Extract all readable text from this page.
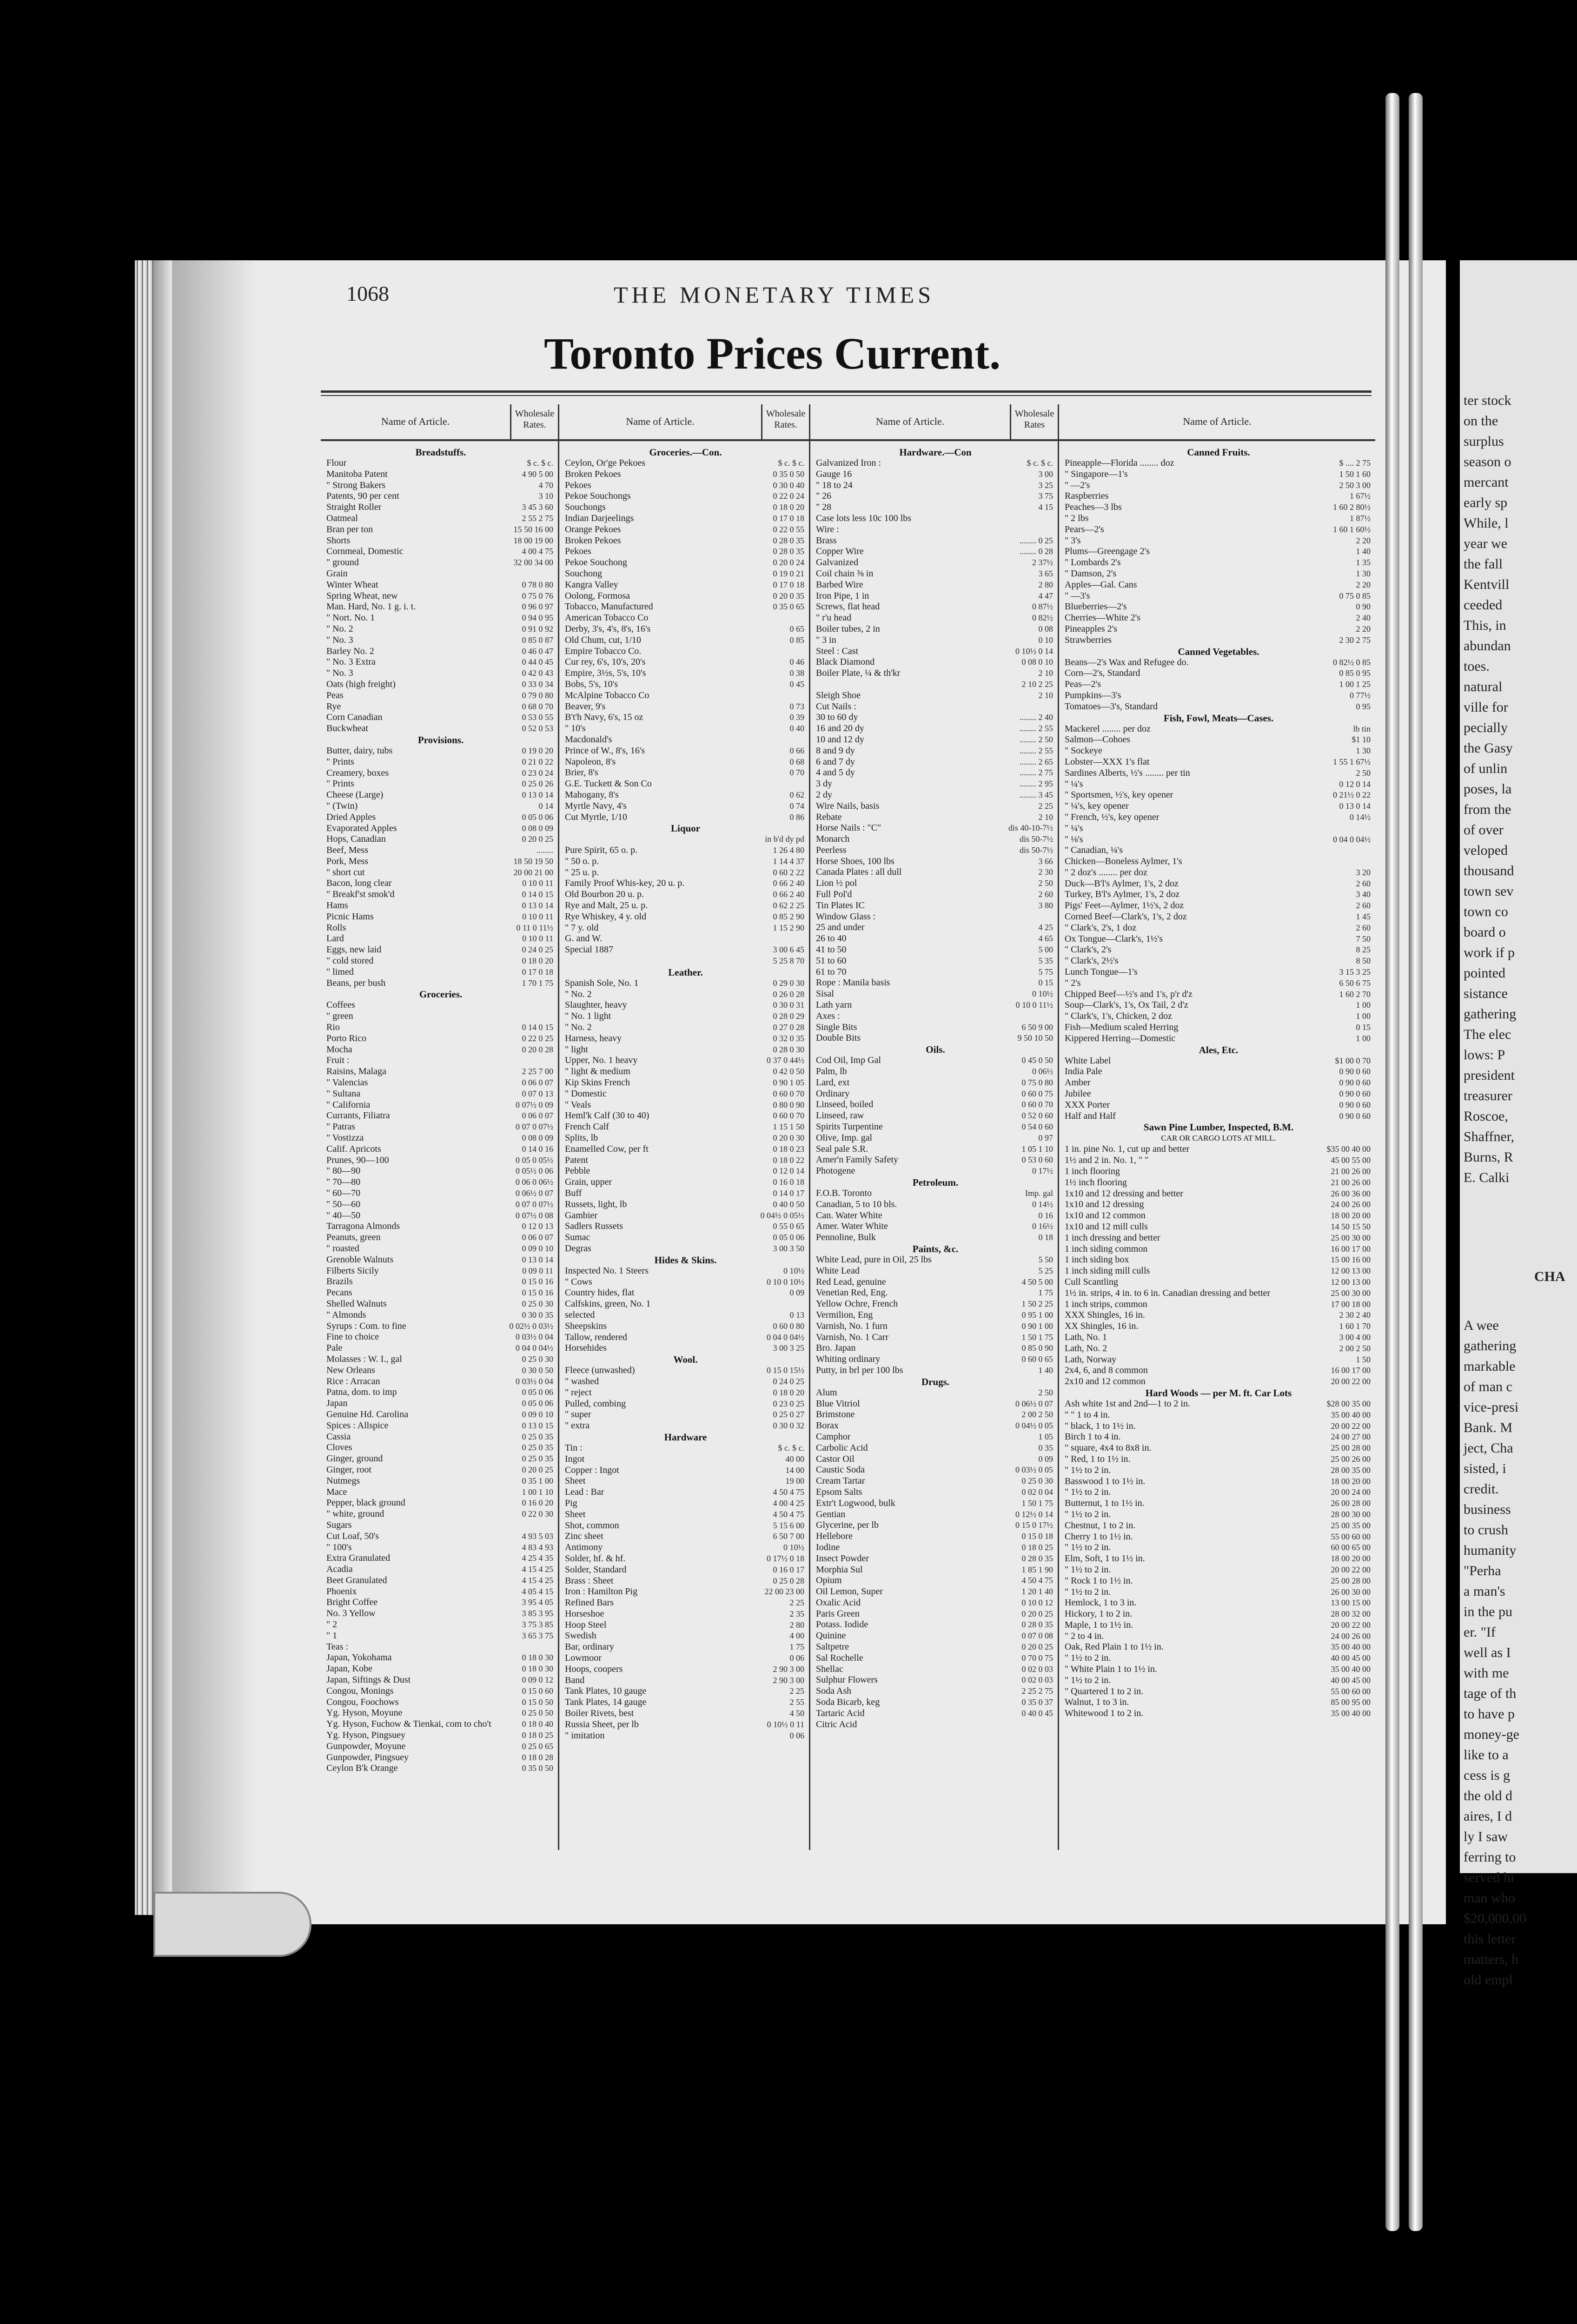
1068	THE MONETARY TIMES
Toronto Prices Current.
Name of Article.
Wholesale Rates.
Breadstuffs.
Flour	$ c. $ c.
Manitoba Patent	4 90 5 00
" Strong Bakers	4 70
Patents, 90 per cent	3 10
Straight Roller	3 45 3 60
Oatmeal	2 55 2 75
Bran per ton	15 50 16 00
Shorts	18 00 19 00
Cornmeal, Domestic	4 00 4 75
" ground	32 00 34 00
Grain
Winter Wheat	0 78 0 80
Spring Wheat, new	0 75 0 76
Man. Hard, No. 1 g. i. t.	0 96 0 97
" Nort. No. 1	0 94 0 95
" No. 2	0 91 0 92
" No. 3	0 85 0 87
Barley No. 2	0 46 0 47
" No. 3 Extra	0 44 0 45
" No. 3	0 42 0 43
Oats (high freight)	0 33 0 34
Peas	0 79 0 80
Rye	0 68 0 70
Corn Canadian	0 53 0 55
Buckwheat	0 52 0 53
Provisions.
Butter, dairy, tubs	0 19 0 20
" Prints	0 21 0 22
Creamery, boxes	0 23 0 24
" Prints	0 25 0 26
Cheese (Large)	0 13 0 14
" (Twin)	0 14
Dried Apples	0 05 0 06
Evaporated Apples	0 08 0 09
Hops, Canadian	0 20 0 25
Beef, Mess	........
Pork, Mess	18 50 19 50
" short cut	20 00 21 00
Bacon, long clear	0 10 0 11
" Breakf'st smok'd	0 14 0 15
Hams	0 13 0 14
Picnic Hams	0 10 0 11
Rolls	0 11 0 11½
Lard	0 10 0 11
Eggs, new laid	0 24 0 25
" cold stored	0 18 0 20
" limed	0 17 0 18
Beans, per bush	1 70 1 75
Groceries.
Coffees
" green
Rio	0 14 0 15
Porto Rico	0 22 0 25
Mocha	0 20 0 28
Fruit :
Raisins, Malaga	2 25 7 00
" Valencias	0 06 0 07
" Sultana	0 07 0 13
" California	0 07½ 0 09
Currants, Filiatra	0 06 0 07
" Patras	0 07 0 07½
" Vostizza	0 08 0 09
Calif. Apricots	0 14 0 16
Prunes, 90—100	0 05 0 05½
" 80—90	0 05½ 0 06
" 70—80	0 06 0 06½
" 60—70	0 06½ 0 07
" 50—60	0 07 0 07½
" 40—50	0 07½ 0 08
Tarragona Almonds	0 12 0 13
Peanuts, green	0 06 0 07
" roasted	0 09 0 10
Grenoble Walnuts	0 13 0 14
Filberts Sicily	0 09 0 11
Brazils	0 15 0 16
Pecans	0 15 0 16
Shelled Walnuts	0 25 0 30
" Almonds	0 30 0 35
Syrups : Com. to fine	0 02½ 0 03½
Fine to choice	0 03½ 0 04
Pale	0 04 0 04½
Molasses : W. I., gal	0 25 0 30
New Orleans	0 30 0 50
Rice : Arracan	0 03½ 0 04
Patna, dom. to imp	0 05 0 06
Japan	0 05 0 06
Genuine Hd. Carolina	0 09 0 10
Spices : Allspice	0 13 0 15
Cassia	0 25 0 35
Cloves	0 25 0 35
Ginger, ground	0 25 0 35
Ginger, root	0 20 0 25
Nutmegs	0 35 1 00
Mace	1 00 1 10
Pepper, black ground	0 16 0 20
" white, ground	0 22 0 30
Sugars
Cut Loaf, 50's	4 93 5 03
" 100's	4 83 4 93
Extra Granulated	4 25 4 35
Acadia	4 15 4 25
Beet Granulated	4 15 4 25
Phoenix	4 05 4 15
Bright Coffee	3 95 4 05
No. 3 Yellow	3 85 3 95
" 2	3 75 3 85
" 1	3 65 3 75
Teas :
Japan, Yokohama	0 18 0 30
Japan, Kobe	0 18 0 30
Japan, Siftings & Dust	0 09 0 12
Congou, Monings	0 15 0 60
Congou, Foochows	0 15 0 50
Yg. Hyson, Moyune	0 25 0 50
Yg. Hyson, Fuchow & Tienkai, com to cho't	0 18 0 40
Yg. Hyson, Pingsuey	0 18 0 25
Gunpowder, Moyune	0 25 0 65
Gunpowder, Pingsuey	0 18 0 28
Ceylon B'k Orange	0 35 0 50
Name of Article.
Wholesale Rates.
Groceries.—Con.
Ceylon, Or'ge Pekoes	$ c. $ c.
Broken Pekoes	0 35 0 50
Pekoes	0 30 0 40
Pekoe Souchongs	0 22 0 24
Souchongs	0 18 0 20
Indian Darjeelings	0 17 0 18
Orange Pekoes	0 22 0 55
Broken Pekoes	0 28 0 35
Pekoes	0 28 0 35
Pekoe Souchong	0 20 0 24
Souchong	0 19 0 21
Kangra Valley	0 17 0 18
Oolong, Formosa	0 20 0 35
Tobacco, Manufactured	0 35 0 65
American Tobacco Co
Derby, 3's, 4's, 8's, 16's	0 65
Old Chum, cut, 1/10	0 85
Empire Tobacco Co.
Cur rey, 6's, 10's, 20's	0 46
Empire, 3½s, 5's, 10's	0 38
Bobs, 5's, 10's	0 45
McAlpine Tobacco Co
Beaver, 9's	0 73
B't'h Navy, 6's, 15 oz	0 39
" 10's	0 40
Macdonald's
Prince of W., 8's, 16's	0 66
Napoleon, 8's	0 68
Brier, 8's	0 70
G.E. Tuckett & Son Co
Mahogany, 8's	0 62
Myrtle Navy, 4's	0 74
Cut Myrtle, 1/10	0 86
Liquor
in b'd dy pd
Pure Spirit, 65 o. p.	1 26 4 80
" 50 o. p.	1 14 4 37
" 25 u. p.	0 60 2 22
Family Proof Whis-key, 20 u. p.	0 66 2 40
Old Bourbon 20 u. p.	0 66 2 40
Rye and Malt, 25 u. p.	0 62 2 25
Rye Whiskey, 4 y. old	0 85 2 90
" 7 y. old	1 15 2 90
G. and W.
Special 1887	3 00 6 45
5 25 8 70
Leather.
Spanish Sole, No. 1	0 29 0 30
" No. 2	0 26 0 28
Slaughter, heavy	0 30 0 31
" No. 1 light	0 28 0 29
" No. 2	0 27 0 28
Harness, heavy	0 32 0 35
" light	0 28 0 30
Upper, No. 1 heavy	0 37 0 44½
" light & medium	0 42 0 50
Kip Skins French	0 90 1 05
" Domestic	0 60 0 70
" Veals	0 80 0 90
Heml'k Calf (30 to 40)	0 60 0 70
French Calf	1 15 1 50
Splits, lb	0 20 0 30
Enamelled Cow, per ft	0 18 0 23
Patent	0 18 0 22
Pebble	0 12 0 14
Grain, upper	0 16 0 18
Buff	0 14 0 17
Russets, light, lb	0 40 0 50
Gambier	0 04½ 0 05½
Sadlers Russets	0 55 0 65
Sumac	0 05 0 06
Degras	3 00 3 50
Hides & Skins.
Inspected No. 1 Steers	0 10½
" Cows	0 10 0 10½
Country hides, flat	0 09
Calfskins, green, No. 1
selected	0 13
Sheepskins	0 60 0 80
Tallow, rendered	0 04 0 04½
Horsehides	3 00 3 25
Wool.
Fleece (unwashed)	0 15 0 15½
" washed	0 24 0 25
" reject	0 18 0 20
Pulled, combing	0 23 0 25
" super	0 25 0 27
" extra	0 30 0 32
Hardware
Tin :	$ c. $ c.
Ingot	40 00
Copper : Ingot	14 00
Sheet	19 00
Lead : Bar	4 50 4 75
Pig	4 00 4 25
Sheet	4 50 4 75
Shot, common	5 15 6 00
Zinc sheet	6 50 7 00
Antimony	0 10½
Solder, hf. & hf.	0 17½ 0 18
Solder, Standard	0 16 0 17
Brass : Sheet	0 25 0 28
Iron : Hamilton Pig	22 00 23 00
Refined Bars	2 25
Horseshoe	2 35
Hoop Steel	2 80
Swedish	4 00
Bar, ordinary	1 75
Lowmoor	0 06
Hoops, coopers	2 90 3 00
Band	2 90 3 00
Tank Plates, 10 gauge	2 25
Tank Plates, 14 gauge	2 55
Boiler Rivets, best	4 50
Russia Sheet, per lb	0 10½ 0 11
" imitation	0 06
Name of Article.
Wholesale Rates
Hardware.—Con
Galvanized Iron :	$ c. $ c.
Gauge 16	3 00
" 18 to 24	3 25
" 26	3 75
" 28	4 15
Case lots less 10c 100 lbs
Wire :
Brass	........ 0 25
Copper Wire	........ 0 28
Galvanized	2 37½
Coil chain ⅜ in	3 65
Barbed Wire	2 80
Iron Pipe, 1 in	4 47
Screws, flat head	0 87½
" r'u head	0 82½
Boiler tubes, 2 in	0 08
" 3 in	0 10
Steel : Cast	0 10½ 0 14
Black Diamond	0 08 0 10
Boiler Plate, ¼ & th'kr	2 10
2 10 2 25
Sleigh Shoe	2 10
Cut Nails :
30 to 60 dy	........ 2 40
16 and 20 dy	........ 2 55
10 and 12 dy	........ 2 50
8 and 9 dy	........ 2 55
6 and 7 dy	........ 2 65
4 and 5 dy	........ 2 75
3 dy	........ 2 95
2 dy	........ 3 45
Wire Nails, basis	2 25
Rebate	2 10
Horse Nails : "C"	dis 40-10-7½
Monarch	dis 50-7½
Peerless	dis 50-7½
Horse Shoes, 100 lbs	3 66
Canada Plates : all dull	2 30
Lion ½ pol	2 50
Full Pol'd	2 60
Tin Plates IC	3 80
Window Glass :
25 and under	4 25
26 to 40	4 65
41 to 50	5 00
51 to 60	5 35
61 to 70	5 75
Rope : Manila basis	0 15
Sisal	0 10½
Lath yarn	0 10 0 11½
Axes :
Single Bits	6 50 9 00
Double Bits	9 50 10 50
Oils.
Cod Oil, Imp Gal	0 45 0 50
Palm, lb	0 06½
Lard, ext	0 75 0 80
Ordinary	0 60 0 75
Linseed, boiled	0 60 0 70
Linseed, raw	0 52 0 60
Spirits Turpentine	0 54 0 60
Olive, Imp. gal	0 97
Seal pale S.R.	1 05 1 10
Amer'n Family Safety	0 53 0 60
Photogene	0 17½
Petroleum.
F.O.B. Toronto	Imp. gal
Canadian, 5 to 10 bls.	0 14½
Can. Water White	0 16
Amer. Water White	0 16½
Pennoline, Bulk	0 18
Paints, &c.
White Lead, pure in Oil, 25 lbs	5 50
White Lead	5 25
Red Lead, genuine	4 50 5 00
Venetian Red, Eng.	1 75
Yellow Ochre, French	1 50 2 25
Vermilion, Eng	0 95 1 00
Varnish, No. 1 furn	0 90 1 00
Varnish, No. 1 Carr	1 50 1 75
Bro. Japan	0 85 0 90
Whiting ordinary	0 60 0 65
Putty, in brl per 100 lbs	1 40
Drugs.
Alum	2 50
Blue Vitriol	0 06½ 0 07
Brimstone	2 00 2 50
Borax	0 04½ 0 05
Camphor	1 05
Carbolic Acid	0 35
Castor Oil	0 09
Caustic Soda	0 03½ 0 05
Cream Tartar	0 25 0 30
Epsom Salts	0 02 0 04
Extr't Logwood, bulk	1 50 1 75
Gentian	0 12½ 0 14
Glycerine, per lb	0 15 0 17½
Hellebore	0 15 0 18
Iodine	0 18 0 25
Insect Powder	0 28 0 35
Morphia Sul	1 85 1 90
Opium	4 50 4 75
Oil Lemon, Super	1 20 1 40
Oxalic Acid	0 10 0 12
Paris Green	0 20 0 25
Potass. Iodide	0 28 0 35
Quinine	0 07 0 08
Saltpetre	0 20 0 25
Sal Rochelle	0 70 0 75
Shellac	0 02 0 03
Sulphur Flowers	0 02 0 03
Soda Ash	2 25 2 75
Soda Bicarb, keg	0 35 0 37
Tartaric Acid	0 40 0 45
Citric Acid
Name of Article.
Canned Fruits.
Pineapple—Florida ........ doz	$ .... 2 75
" Singapore—1's	1 50 1 60
" —2's	2 50 3 00
Raspberries	1 67½
Peaches—3 lbs	1 60 2 80½
" 2 lbs	1 87½
Pears—2's	1 60 1 60½
" 3's	2 20
Plums—Greengage 2's	1 40
" Lombards 2's	1 35
" Damson, 2's	1 30
Apples—Gal. Cans	2 20
" —3's	0 75 0 85
Blueberries—2's	0 90
Cherries—White 2's	2 40
Pineapples 2's	2 20
Strawberries	2 30 2 75
Canned Vegetables.
Beans—2's Wax and Refugee do.	0 82½ 0 85
Corn—2's, Standard	0 85 0 95
Peas—2's	1 00 1 25
Pumpkins—3's	0 77½
Tomatoes—3's, Standard	0 95
Fish, Fowl, Meats—Cases.
Mackerel ........ per doz	lb tin
Salmon—Cohoes	$1 10
" Sockeye	1 30
Lobster—XXX 1's flat	1 55 1 67½
Sardines Alberts, ½'s ........ per tin	2 50
" ¼'s	0 12 0 14
" Sportsmen, ½'s, key opener	0 21½ 0 22
" ¼'s, key opener	0 13 0 14
" French, ½'s, key opener	0 14½
" ¼'s
" ⅛'s	0 04 0 04½
" Canadian, ¼'s
Chicken—Boneless Aylmer, 1's
" 2 doz's ........ per doz	3 20
Duck—B'l's Aylmer, 1's, 2 doz	2 60
Turkey, B'l's Aylmer, 1's, 2 doz	3 40
Pigs' Feet—Aylmer, 1½'s, 2 doz	2 60
Corned Beef—Clark's, 1's, 2 doz	1 45
" Clark's, 2's, 1 doz	2 60
Ox Tongue—Clark's, 1½'s	7 50
" Clark's, 2's	8 25
" Clark's, 2½'s	8 50
Lunch Tongue—1's	3 15 3 25
" 2's	6 50 6 75
Chipped Beef—½'s and 1's, p'r d'z	1 60 2 70
Soup—Clark's, 1's, Ox Tail, 2 d'z	1 00
" Clark's, 1's, Chicken, 2 doz	1 00
Fish—Medium scaled Herring	0 15
Kippered Herring—Domestic	1 00
Ales, Etc.
White Label	$1 00 0 70
India Pale	0 90 0 60
Amber	0 90 0 60
Jubilee	0 90 0 60
XXX Porter	0 90 0 60
Half and Half	0 90 0 60
Sawn Pine Lumber, Inspected, B.M.
CAR OR CARGO LOTS AT MILL.
1 in. pine No. 1, cut up and better	$35 00 40 00
1½ and 2 in. No. 1, " "	45 00 55 00
1 inch flooring	21 00 26 00
1½ inch flooring	21 00 26 00
1x10 and 12 dressing and better	26 00 36 00
1x10 and 12 dressing	24 00 26 00
1x10 and 12 common	18 00 20 00
1x10 and 12 mill culls	14 50 15 50
1 inch dressing and better	25 00 30 00
1 inch siding common	16 00 17 00
1 inch siding box	15 00 16 00
1 inch siding mill culls	12 00 13 00
Cull Scantling	12 00 13 00
1½ in. strips, 4 in. to 6 in. Canadian dressing and better	25 00 30 00
1 inch strips, common	17 00 18 00
XXX Shingles, 16 in.	2 30 2 40
XX Shingles, 16 in.	1 60 1 70
Lath, No. 1	3 00 4 00
Lath, No. 2	2 00 2 50
Lath, Norway	1 50
2x4, 6, and 8 common	16 00 17 00
2x10 and 12 common	20 00 22 00
Hard Woods — per M. ft. Car Lots
Ash white 1st and 2nd—1 to 2 in.	$28 00 35 00
" " 1 to 4 in.	35 00 40 00
" black, 1 to 1½ in.	20 00 22 00
Birch 1 to 4 in.	24 00 27 00
" square, 4x4 to 8x8 in.	25 00 28 00
" Red, 1 to 1½ in.	25 00 26 00
" 1½ to 2 in.	28 00 35 00
Basswood 1 to 1½ in.	18 00 20 00
" 1½ to 2 in.	20 00 24 00
Butternut, 1 to 1½ in.	26 00 28 00
" 1½ to 2 in.	28 00 30 00
Chestnut, 1 to 2 in.	25 00 35 00
Cherry 1 to 1½ in.	55 00 60 00
" 1½ to 2 in.	60 00 65 00
Elm, Soft, 1 to 1½ in.	18 00 20 00
" 1½ to 2 in.	20 00 22 00
" Rock 1 to 1½ in.	25 00 28 00
" 1½ to 2 in.	26 00 30 00
Hemlock, 1 to 3 in.	13 00 15 00
Hickory, 1 to 2 in.	28 00 32 00
Maple, 1 to 1½ in.	20 00 22 00
" 2 to 4 in.	24 00 26 00
Oak, Red Plain 1 to 1½ in.	35 00 40 00
" 1½ to 2 in.	40 00 45 00
" White Plain 1 to 1½ in.	35 00 40 00
" 1½ to 2 in.	40 00 45 00
" Quartered 1 to 2 in.	55 00 60 00
Walnut, 1 to 3 in.	85 00 95 00
Whitewood 1 to 2 in.	35 00 40 00
ter stock
on the
surplus
season o
mercant
early sp
While, l
year we
the fall
Kentvill
ceeded
This, in
abundan
toes.
natural
ville for
pecially
the Gasy
of unlin
poses, la
from the
of over
veloped
thousand
town sev
town co
board o
work if p
pointed
sistance
gathering
The elec
lows: P
president
treasurer
Roscoe,
Shaffner,
Burns, R
E. Calki
CHA
A wee
gathering
markable
of man c
vice-presi
Bank. M
ject, Cha
sisted, i
credit.
business
to crush
humanity
"Perha
a man's
in the pu
er. "If
well as I
with me
tage of th
to have p
money-ge
like to a
cess is g
the old d
aires, I d
ly I saw
ferring to
served hi
man who
$20,000,00
this letter
matters, h
old empl
